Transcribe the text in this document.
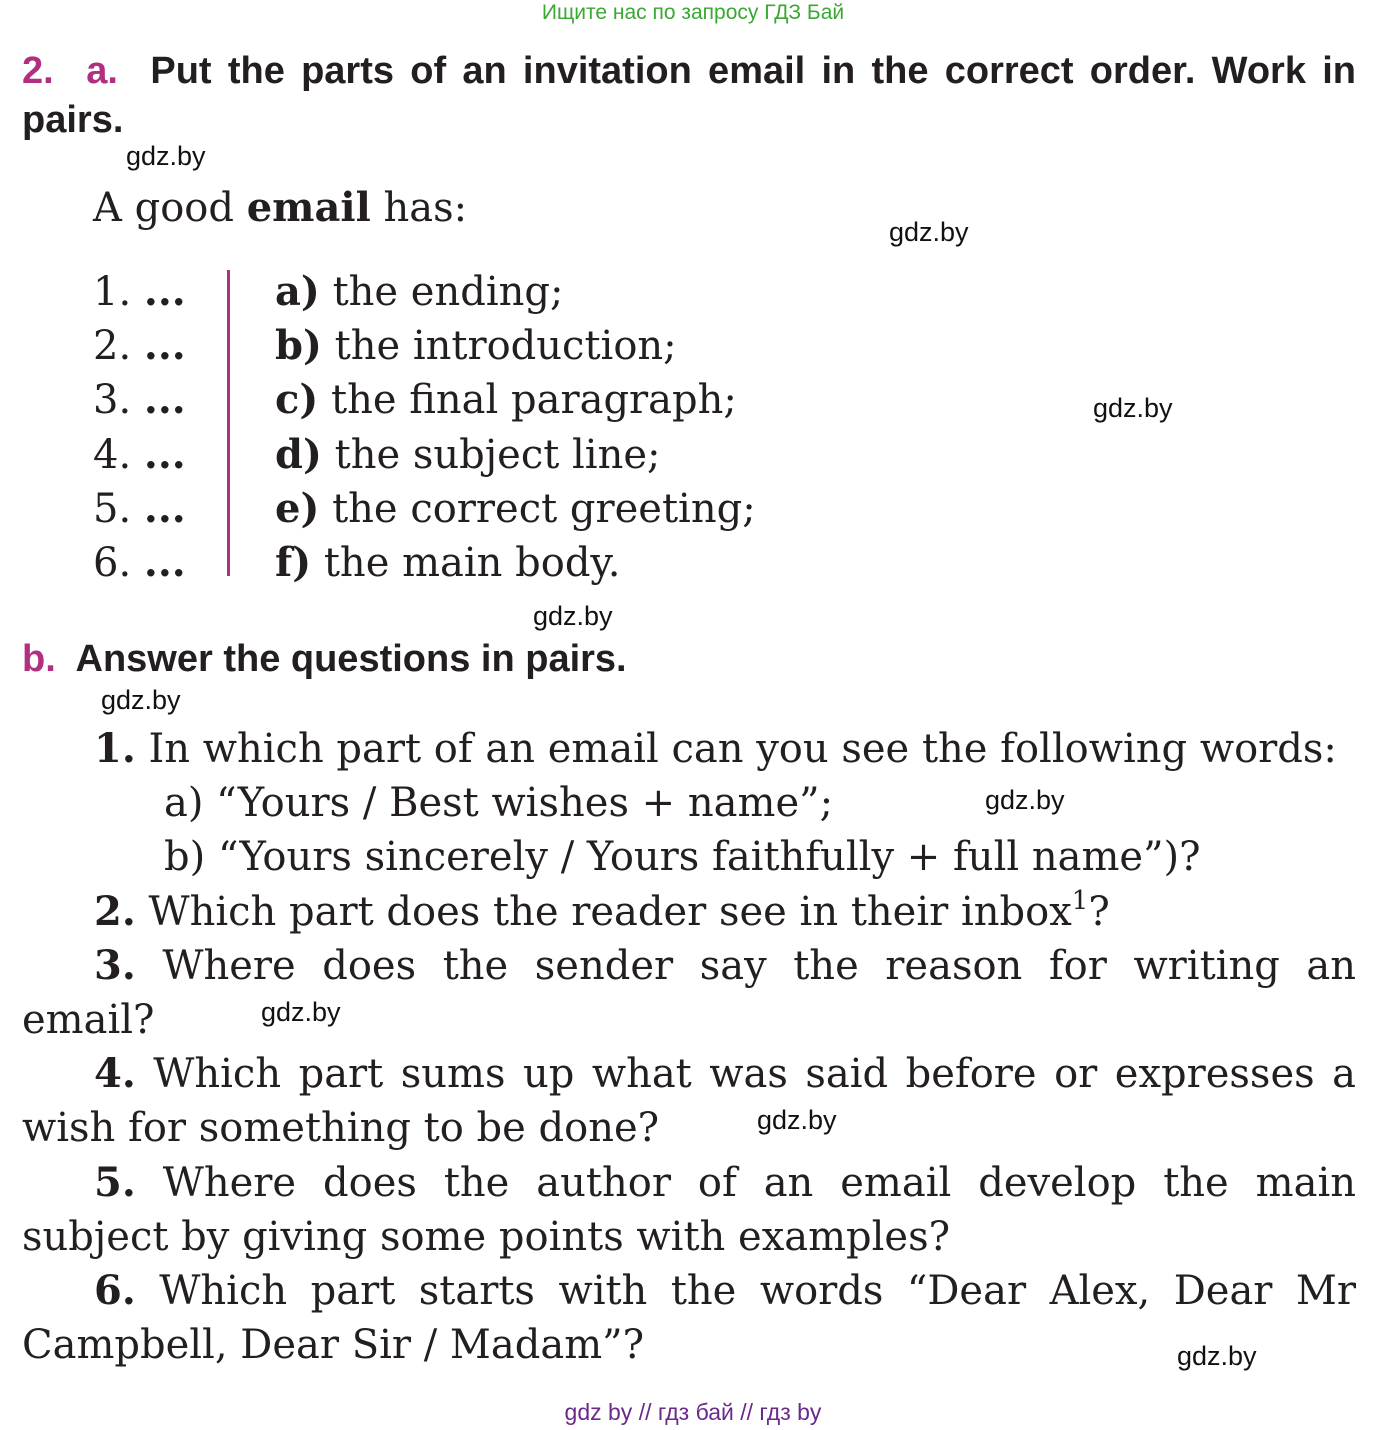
Ищите нас по запросу ГДЗ Бай
2. a. Put the parts of an invitation email in the correct order. Work in pairs.
gdz.by
A good email has:
gdz.by
1. ...
2. ...
3. ...
4. ...
5. ...
6. ...
a) the ending;
b) the introduction;
c) the final paragraph;
d) the subject line;
e) the correct greeting;
f) the main body.
gdz.by
gdz.by
b. Answer the questions in pairs.
gdz.by
1. In which part of an email can you see the following words:
a) “Yours / Best wishes + name”;
b) “Yours sincerely / Yours faithfully + full name”)?
2. Which part does the reader see in their inbox$^1$?
3. Where does the sender say the reason for writing an email?
4. Which part sums up what was said before or expresses a wish for something to be done?
5. Where does the author of an email develop the main subject by giving some points with examples?
6. Which part starts with the words “Dear Alex, Dear Mr Campbell, Dear Sir / Madam”?
gdz.by
gdz.by
gdz.by
gdz.by
gdz by // гдз бай // гдз by
